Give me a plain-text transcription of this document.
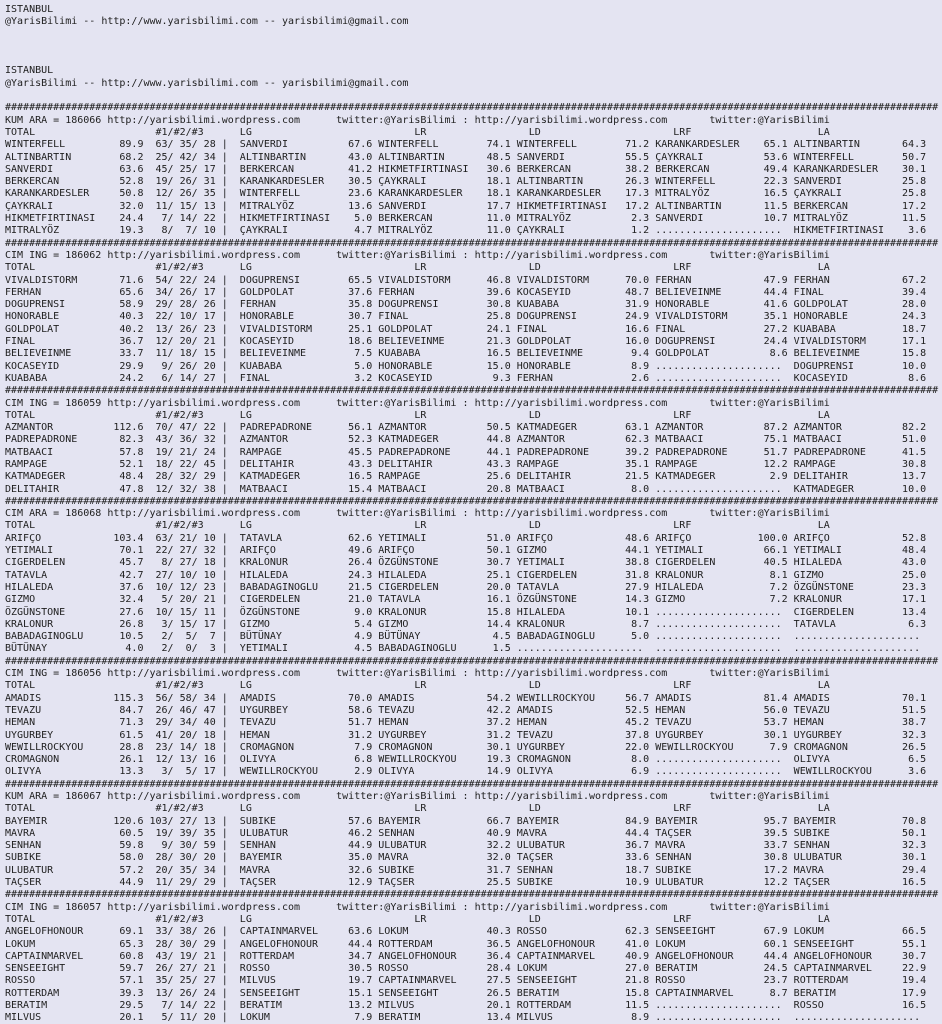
ISTANBUL
@YarisBilimi -- http://www.yarisbilimi.com -- yarisbilimi@gmail.com
ISTANBUL
@YarisBilimi -- http://www.yarisbilimi.com -- yarisbilimi@gmail.com
###########################################################################################################################################################
KUM ARA = 186066 http://yarisbilimi.wordpress.com      twitter:@YarisBilimi : http://yarisbilimi.wordpress.com       twitter:@YarisBilimi
TOTAL                    #1/#2/#3      LG                           LR                 LD                      LRF                     LA
WINTERFELL         89.9  63/ 35/ 28 |  SANVERDI          67.6 WINTERFELL        74.1 WINTERFELL        71.2 KARANKARDESLER    65.1 ALTINBARTIN       64.3
ALTINBARTIN        68.2  25/ 42/ 34 |  ALTINBARTIN       43.0 ALTINBARTIN       48.5 SANVERDI          55.5 ÇAYKRALI          53.6 WINTERFELL        50.7
SANVERDI           63.6  45/ 25/ 17 |  BERKERCAN         41.2 HIKMETFIRTINASI   30.6 BERKERCAN         38.2 BERKERCAN         49.4 KARANKARDESLER    30.1
BERKERCAN          52.8  19/ 26/ 31 |  KARANKARDESLER    30.5 ÇAYKRALI          18.1 ALTINBARTIN       26.3 WINTERFELL        22.3 SANVERDI          25.8
KARANKARDESLER     50.8  12/ 26/ 35 |  WINTERFELL        23.6 KARANKARDESLER    18.1 KARANKARDESLER    17.3 MITRALYÖZ         16.5 ÇAYKRALI          25.8
ÇAYKRALI           32.0  11/ 15/ 13 |  MITRALYÖZ         13.6 SANVERDI          17.7 HIKMETFIRTINASI   17.2 ALTINBARTIN       11.5 BERKERCAN         17.2
HIKMETFIRTINASI    24.4   7/ 14/ 22 |  HIKMETFIRTINASI    5.0 BERKERCAN         11.0 MITRALYÖZ          2.3 SANVERDI          10.7 MITRALYÖZ         11.5
MITRALYÖZ          19.3   8/  7/ 10 |  ÇAYKRALI           4.7 MITRALYÖZ         11.0 ÇAYKRALI           1.2 .....................  HIKMETFIRTINASI    3.6
###########################################################################################################################################################
CIM ING = 186062 http://yarisbilimi.wordpress.com      twitter:@YarisBilimi : http://yarisbilimi.wordpress.com       twitter:@YarisBilimi
TOTAL                    #1/#2/#3      LG                           LR                 LD                      LRF                     LA
VIVALDISTORM       71.6  54/ 22/ 24 |  DOGUPRENSI        65.5 VIVALDISTORM      46.8 VIVALDISTORM      70.0 FERHAN            47.9 FERHAN            67.2
FERHAN             65.6  34/ 26/ 17 |  GOLDPOLAT         37.6 FERHAN            39.6 KOCASEYID         48.7 BELIEVEINME       44.4 FINAL             39.4
DOGUPRENSI         58.9  29/ 28/ 26 |  FERHAN            35.8 DOGUPRENSI        30.8 KUABABA           31.9 HONORABLE         41.6 GOLDPOLAT         28.0
HONORABLE          40.3  22/ 10/ 17 |  HONORABLE         30.7 FINAL             25.8 DOGUPRENSI        24.9 VIVALDISTORM      35.1 HONORABLE         24.3
GOLDPOLAT          40.2  13/ 26/ 23 |  VIVALDISTORM      25.1 GOLDPOLAT         24.1 FINAL             16.6 FINAL             27.2 KUABABA           18.7
FINAL              36.7  12/ 20/ 21 |  KOCASEYID         18.6 BELIEVEINME       21.3 GOLDPOLAT         16.0 DOGUPRENSI        24.4 VIVALDISTORM      17.1
BELIEVEINME        33.7  11/ 18/ 15 |  BELIEVEINME        7.5 KUABABA           16.5 BELIEVEINME        9.4 GOLDPOLAT          8.6 BELIEVEINME       15.8
KOCASEYID          29.9   9/ 26/ 20 |  KUABABA            5.0 HONORABLE         15.0 HONORABLE          8.9 .....................  DOGUPRENSI        10.0
KUABABA            24.2   6/ 14/ 27 |  FINAL              3.2 KOCASEYID          9.3 FERHAN             2.6 .....................  KOCASEYID          8.6
###########################################################################################################################################################
CIM ING = 186059 http://yarisbilimi.wordpress.com      twitter:@YarisBilimi : http://yarisbilimi.wordpress.com       twitter:@YarisBilimi
TOTAL                    #1/#2/#3      LG                           LR                 LD                      LRF                     LA
AZMANTOR          112.6  70/ 47/ 22 |  PADREPADRONE      56.1 AZMANTOR          50.5 KATMADEGER        63.1 AZMANTOR          87.2 AZMANTOR          82.2
PADREPADRONE       82.3  43/ 36/ 32 |  AZMANTOR          52.3 KATMADEGER        44.8 AZMANTOR          62.3 MATBAACI          75.1 MATBAACI          51.0
MATBAACI           57.8  19/ 21/ 24 |  RAMPAGE           45.5 PADREPADRONE      44.1 PADREPADRONE      39.2 PADREPADRONE      51.7 PADREPADRONE      41.5
RAMPAGE            52.1  18/ 22/ 45 |  DELITAHIR         43.3 DELITAHIR         43.3 RAMPAGE           35.1 RAMPAGE           12.2 RAMPAGE           30.8
KATMADEGER         48.4  28/ 32/ 29 |  KATMADEGER        16.5 RAMPAGE           25.6 DELITAHIR         21.5 KATMADEGER         2.9 DELITAHIR         13.7
DELITAHIR          47.8  12/ 32/ 38 |  MATBAACI          15.4 MATBAACI          20.8 MATBAACI           8.0 .....................  KATMADEGER        10.0
###########################################################################################################################################################
CIM ARA = 186068 http://yarisbilimi.wordpress.com      twitter:@YarisBilimi : http://yarisbilimi.wordpress.com       twitter:@YarisBilimi
TOTAL                    #1/#2/#3      LG                           LR                 LD                      LRF                     LA
ARIFÇO            103.4  63/ 21/ 10 |  TATAVLA           62.6 YETIMALI          51.0 ARIFÇO            48.6 ARIFÇO           100.0 ARIFÇO            52.8
YETIMALI           70.1  22/ 27/ 32 |  ARIFÇO            49.6 ARIFÇO            50.1 GIZMO             44.1 YETIMALI          66.1 YETIMALI          48.4
CIGERDELEN         45.7   8/ 27/ 18 |  KRALONUR          26.4 ÖZGÜNSTONE        30.7 YETIMALI          38.8 CIGERDELEN        40.5 HILALEDA          43.0
TATAVLA            42.7  27/ 10/ 10 |  HILALEDA          24.3 HILALEDA          25.1 CIGERDELEN        31.8 KRALONUR           8.1 GIZMO             25.0
HILALEDA           37.6  10/ 12/ 23 |  BABADAGINOGLU     21.5 CIGERDELEN        20.0 TATAVLA           27.9 HILALEDA           7.2 ÖZGÜNSTONE        23.3
GIZMO              32.4   5/ 20/ 21 |  CIGERDELEN        21.0 TATAVLA           16.1 ÖZGÜNSTONE        14.3 GIZMO              7.2 KRALONUR          17.1
ÖZGÜNSTONE         27.6  10/ 15/ 11 |  ÖZGÜNSTONE         9.0 KRALONUR          15.8 HILALEDA          10.1 .....................  CIGERDELEN        13.4
KRALONUR           26.8   3/ 15/ 17 |  GIZMO              5.4 GIZMO             14.4 KRALONUR           8.7 .....................  TATAVLA            6.3
BABADAGINOGLU      10.5   2/  5/  7 |  BÜTÜNAY            4.9 BÜTÜNAY            4.5 BABADAGINOGLU      5.0 .....................  .....................
BÜTÜNAY             4.0   2/  0/  3 |  YETIMALI           4.5 BABADAGINOGLU      1.5 .....................  .....................  .....................
###########################################################################################################################################################
CIM ING = 186056 http://yarisbilimi.wordpress.com      twitter:@YarisBilimi : http://yarisbilimi.wordpress.com       twitter:@YarisBilimi
TOTAL                    #1/#2/#3      LG                           LR                 LD                      LRF                     LA
AMADIS            115.3  56/ 58/ 34 |  AMADIS            70.0 AMADIS            54.2 WEWILLROCKYOU     56.7 AMADIS            81.4 AMADIS            70.1
TEVAZU             84.7  26/ 46/ 47 |  UYGURBEY          58.6 TEVAZU            42.2 AMADIS            52.5 HEMAN             56.0 TEVAZU            51.5
HEMAN              71.3  29/ 34/ 40 |  TEVAZU            51.7 HEMAN             37.2 HEMAN             45.2 TEVAZU            53.7 HEMAN             38.7
UYGURBEY           61.5  41/ 20/ 18 |  HEMAN             31.2 UYGURBEY          31.2 TEVAZU            37.8 UYGURBEY          30.1 UYGURBEY          32.3
WEWILLROCKYOU      28.8  23/ 14/ 18 |  CROMAGNON          7.9 CROMAGNON         30.1 UYGURBEY          22.0 WEWILLROCKYOU      7.9 CROMAGNON         26.5
CROMAGNON          26.1  12/ 13/ 16 |  OLIVYA             6.8 WEWILLROCKYOU     19.3 CROMAGNON          8.0 .....................  OLIVYA             6.5
OLIVYA             13.3   3/  5/ 17 |  WEWILLROCKYOU      2.9 OLIVYA            14.9 OLIVYA             6.9 .....................  WEWILLROCKYOU      3.6
###########################################################################################################################################################
KUM ARA = 186067 http://yarisbilimi.wordpress.com      twitter:@YarisBilimi : http://yarisbilimi.wordpress.com       twitter:@YarisBilimi
TOTAL                    #1/#2/#3      LG                           LR                 LD                      LRF                     LA
BAYEMIR           120.6 103/ 27/ 13 |  SUBIKE            57.6 BAYEMIR           66.7 BAYEMIR           84.9 BAYEMIR           95.7 BAYEMIR           70.8
MAVRA              60.5  19/ 39/ 35 |  ULUBATUR          46.2 SENHAN            40.9 MAVRA             44.4 TAÇSER            39.5 SUBIKE            50.1
SENHAN             59.8   9/ 30/ 59 |  SENHAN            44.9 ULUBATUR          32.2 ULUBATUR          36.7 MAVRA             33.7 SENHAN            32.3
SUBIKE             58.0  28/ 30/ 20 |  BAYEMIR           35.0 MAVRA             32.0 TAÇSER            33.6 SENHAN            30.8 ULUBATUR          30.1
ULUBATUR           57.2  20/ 35/ 34 |  MAVRA             32.6 SUBIKE            31.7 SENHAN            18.7 SUBIKE            17.2 MAVRA             29.4
TAÇSER             44.9  11/ 29/ 29 |  TAÇSER            12.9 TAÇSER            25.5 SUBIKE            10.9 ULUBATUR          12.2 TAÇSER            16.5
###########################################################################################################################################################
CIM ING = 186057 http://yarisbilimi.wordpress.com      twitter:@YarisBilimi : http://yarisbilimi.wordpress.com       twitter:@YarisBilimi
TOTAL                    #1/#2/#3      LG                           LR                 LD                      LRF                     LA
ANGELOFHONOUR      69.1  33/ 38/ 26 |  CAPTAINMARVEL     63.6 LOKUM             40.3 ROSSO             62.3 SENSEEIGHT        67.9 LOKUM             66.5
LOKUM              65.3  28/ 30/ 29 |  ANGELOFHONOUR     44.4 ROTTERDAM         36.5 ANGELOFHONOUR     41.0 LOKUM             60.1 SENSEEIGHT        55.1
CAPTAINMARVEL      60.8  43/ 19/ 21 |  ROTTERDAM         34.7 ANGELOFHONOUR     36.4 CAPTAINMARVEL     40.9 ANGELOFHONOUR     44.4 ANGELOFHONOUR     30.7
SENSEEIGHT         59.7  26/ 27/ 21 |  ROSSO             30.5 ROSSO             28.4 LOKUM             27.0 BERATIM           24.5 CAPTAINMARVEL     22.9
ROSSO              57.1  35/ 25/ 27 |  MILVUS            19.7 CAPTAINMARVEL     27.5 SENSEEIGHT        21.8 ROSSO             23.7 ROTTERDAM         19.4
ROTTERDAM          39.3  13/ 26/ 24 |  SENSEEIGHT        15.1 SENSEEIGHT        26.5 BERATIM           15.8 CAPTAINMARVEL      8.7 BERATIM           17.9
BERATIM            29.5   7/ 14/ 22 |  BERATIM           13.2 MILVUS            20.1 ROTTERDAM         11.5 .....................  ROSSO             16.5
MILVUS             20.1   5/ 11/ 20 |  LOKUM              7.9 BERATIM           13.4 MILVUS             8.9 .....................  .....................
